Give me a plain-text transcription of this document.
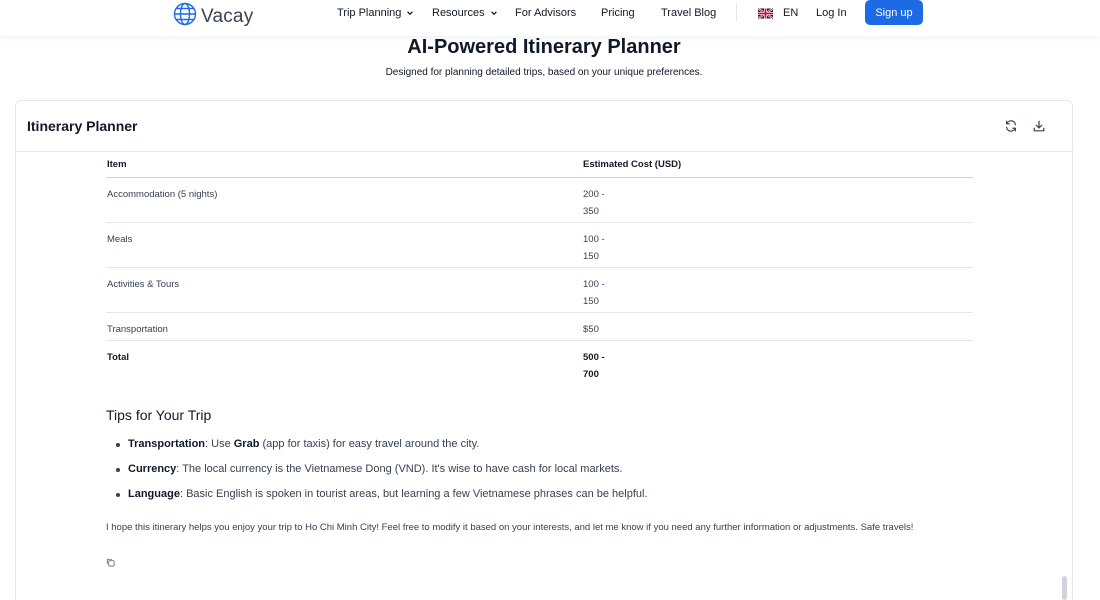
Vacay	Trip Planning	Resources	For Advisors Pricing Travel Blog	EN Log In	Sign up
AI-Powered Itinerary Planner
Designed for planning detailed trips, based on your unique preferences.
Itinerary Planner
Item	Estimated Cost (USD)
Accommodation (5 nights)	200 -
350

Meals	100 -
150

Activities & Tours	100 -
150

Transportation	$50

Total	500 -
700
Tips for Your Trip
Transportation: Use Grab (app for taxis) for easy travel around the city.
Currency: The local currency is the Vietnamese Dong (VND). It's wise to have cash for local markets.
Language: Basic English is spoken in tourist areas, but learning a few Vietnamese phrases can be helpful.
I hope this itinerary helps you enjoy your trip to Ho Chi Minh City! Feel free to modify it based on your interests, and let me know if you need any further information or adjustments. Safe travels!
